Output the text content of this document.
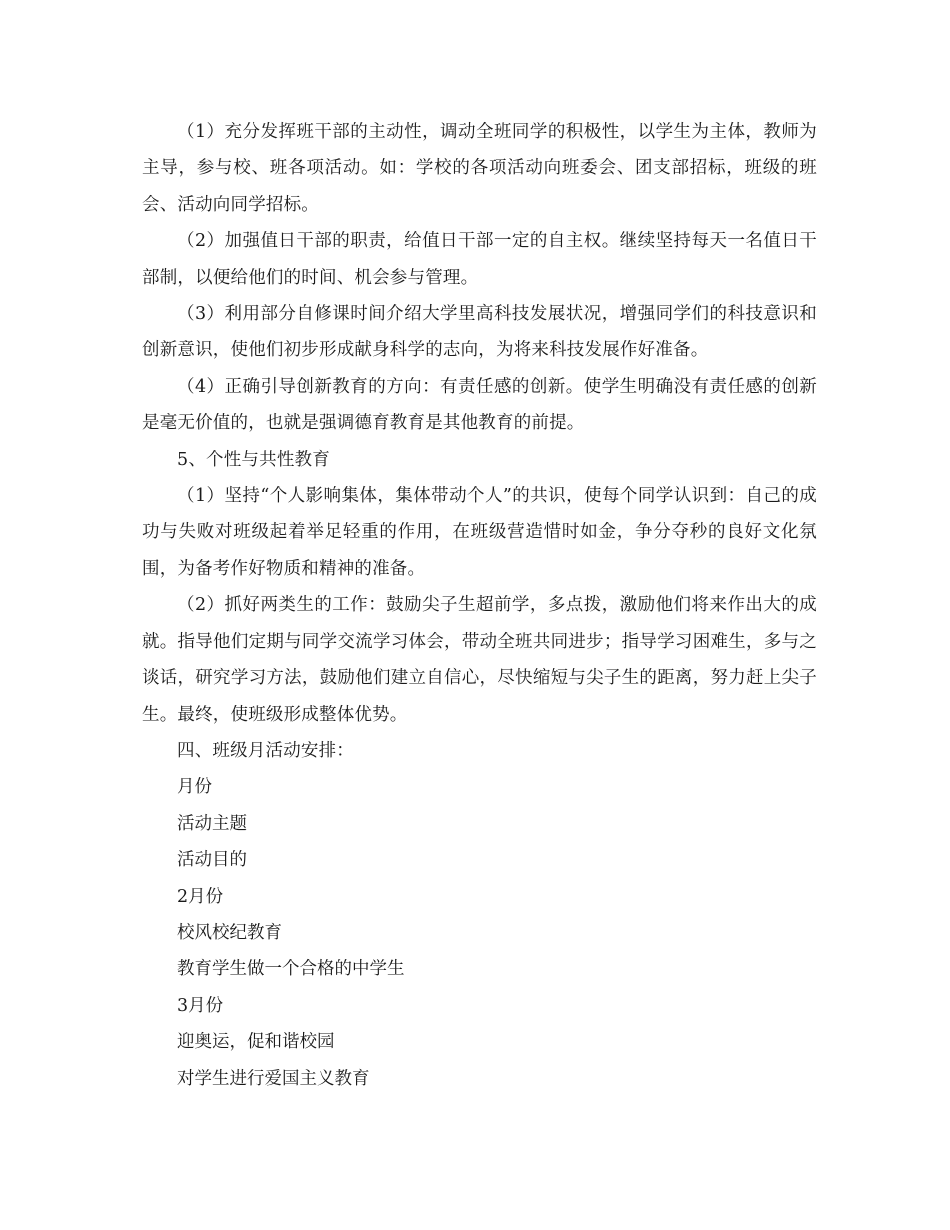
（1）充分发挥班干部的主动性，调动全班同学的积极性，以学生为主体，教师为主导，参与校、班各项活动。如：学校的各项活动向班委会、团支部招标，班级的班会、活动向同学招标。

（2）加强值日干部的职责，给值日干部一定的自主权。继续坚持每天一名值日干部制，以便给他们的时间、机会参与管理。

（3）利用部分自修课时间介绍大学里高科技发展状况，增强同学们的科技意识和创新意识，使他们初步形成献身科学的志向，为将来科技发展作好准备。

（4）正确引导创新教育的方向：有责任感的创新。使学生明确没有责任感的创新是毫无价值的，也就是强调德育教育是其他教育的前提。

5、个性与共性教育

（1）坚持“个人影响集体，集体带动个人”的共识，使每个同学认识到：自己的成功与失败对班级起着举足轻重的作用，在班级营造惜时如金，争分夺秒的良好文化氛围，为备考作好物质和精神的准备。

（2）抓好两类生的工作：鼓励尖子生超前学，多点拨，激励他们将来作出大的成就。指导他们定期与同学交流学习体会，带动全班共同进步；指导学习困难生，多与之谈话，研究学习方法，鼓励他们建立自信心，尽快缩短与尖子生的距离，努力赶上尖子生。最终，使班级形成整体优势。

四、班级月活动安排：

月份

活动主题

活动目的

2月份

校风校纪教育

教育学生做一个合格的中学生

3月份

迎奥运，促和谐校园

对学生进行爱国主义教育
